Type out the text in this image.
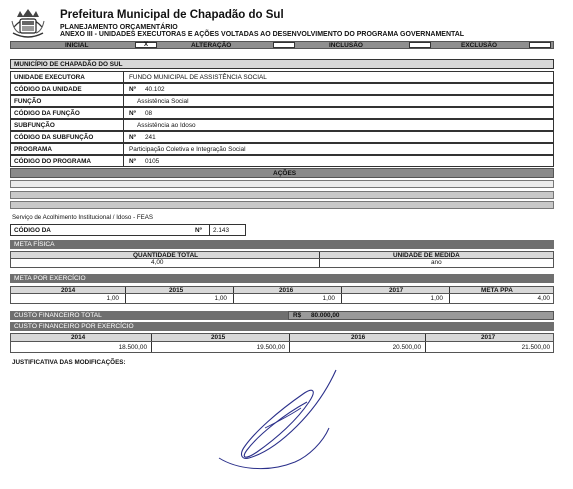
Prefeitura Municipal de Chapadão do Sul
PLANEJAMENTO ORÇAMENTÁRIO
ANEXO III - UNIDADES EXECUTORAS E AÇÕES VOLTADAS AO DESENVOLVIMENTO DO PROGRAMA GOVERNAMENTAL
INICIAL	X	ALTERAÇÃO	INCLUSÃO	EXCLUSÃO
MUNICÍPIO DE CHAPADÃO DO SUL
UNIDADE EXECUTORA	FUNDO MUNICIPAL DE ASSISTÊNCIA SOCIAL
CÓDIGO DA UNIDADE	Nº 40.102
FUNÇÃO	Assistência Social
CÓDIGO DA FUNÇÃO	Nº 08
SUBFUNÇÃO	Assistência ao Idoso
CÓDIGO DA SUBFUNÇÃO	Nº 241
PROGRAMA	Participação Coletiva e Integração Social
CÓDIGO DO PROGRAMA	Nº 0105
AÇÕES
Serviço de Acolhimento Institucional / Idoso - FEAS
CÓDIGO DA	Nº 2.143
META FÍSICA
QUANTIDADE TOTAL	UNIDADE DE MEDIDA
4,00	ano
META POR EXERCÍCIO
2014	2015	2016	2017	META PPA
1,00	1,00	1,00	1,00	4,00
CUSTO FINANCEIRO TOTAL	R$ 80.000,00
CUSTO FINANCEIRO POR EXERCÍCIO
2014	2015	2016	2017
18.500,00	19.500,00	20.500,00	21.500,00
JUSTIFICATIVA DAS MODIFICAÇÕES:
